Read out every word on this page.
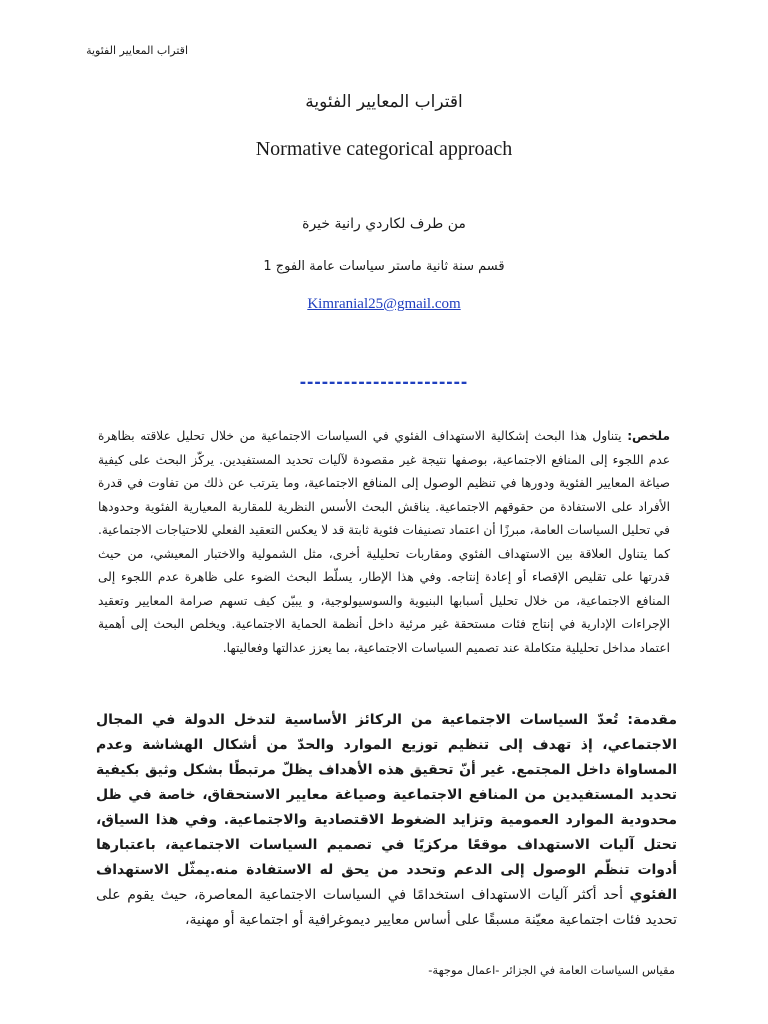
اقتراب المعايير الفئوية
اقتراب المعايير الفئوية
Normative categorical approach
من طرف لكاردي رانية خيرة
قسم سنة ثانية ماستر سياسات عامة الفوج 1
Kimranial25@gmail.com
-----------------------
ملخص: يتناول هذا البحث إشكالية الاستهداف الفئوي في السياسات الاجتماعية من خلال تحليل علاقته بظاهرة عدم اللجوء إلى المنافع الاجتماعية، بوصفها نتيجة غير مقصودة لآليات تحديد المستفيدين. يركّز البحث على كيفية صياغة المعايير الفئوية ودورها في تنظيم الوصول إلى المنافع الاجتماعية، وما يترتب عن ذلك من تفاوت في قدرة الأفراد على الاستفادة من حقوقهم الاجتماعية. يناقش البحث الأسس النظرية للمقاربة المعيارية الفئوية وحدودها في تحليل السياسات العامة، مبرزًا أن اعتماد تصنيفات فئوية ثابتة قد لا يعكس التعقيد الفعلي للاحتياجات الاجتماعية. كما يتناول العلاقة بين الاستهداف الفئوي ومقاربات تحليلية أخرى، مثل الشمولية والاختبار المعيشي، من حيث قدرتها على تقليص الإقصاء أو إعادة إنتاجه. وفي هذا الإطار، يسلّط البحث الضوء على ظاهرة عدم اللجوء إلى المنافع الاجتماعية، من خلال تحليل أسبابها البنيوية والسوسيولوجية، و يبيّن كيف تسهم صرامة المعايير وتعقيد الإجراءات الإدارية في إنتاج فئات مستحقة غير مرئية داخل أنظمة الحماية الاجتماعية. ويخلص البحث إلى أهمية اعتماد مداخل تحليلية متكاملة عند تصميم السياسات الاجتماعية، بما يعزز عدالتها وفعاليتها.
مقدمة: تُعدّ السياسات الاجتماعية من الركائز الأساسية لتدخل الدولة في المجال الاجتماعي، إذ تهدف إلى تنظيم توزيع الموارد والحدّ من أشكال الهشاشة وعدم المساواة داخل المجتمع. غير أنّ تحقيق هذه الأهداف يظلّ مرتبطًا بشكل وثيق بكيفية تحديد المستفيدين من المنافع الاجتماعية وصياغة معايير الاستحقاق، خاصة في ظل محدودية الموارد العمومية وتزايد الضغوط الاقتصادية والاجتماعية. وفي هذا السياق، تحتل آليات الاستهداف موقعًا مركزيًا في تصميم السياسات الاجتماعية، باعتبارها أدوات تنظّم الوصول إلى الدعم وتحدد من يحق له الاستفادة منه.يمثّل الاستهداف الفئوي أحد أكثر آليات الاستهداف استخدامًا في السياسات الاجتماعية المعاصرة، حيث يقوم على تحديد فئات اجتماعية معيّنة مسبقًا على أساس معايير ديموغرافية أو اجتماعية أو مهنية،
مقياس السياسات العامة في الجزائر -اعمال موجهة-
